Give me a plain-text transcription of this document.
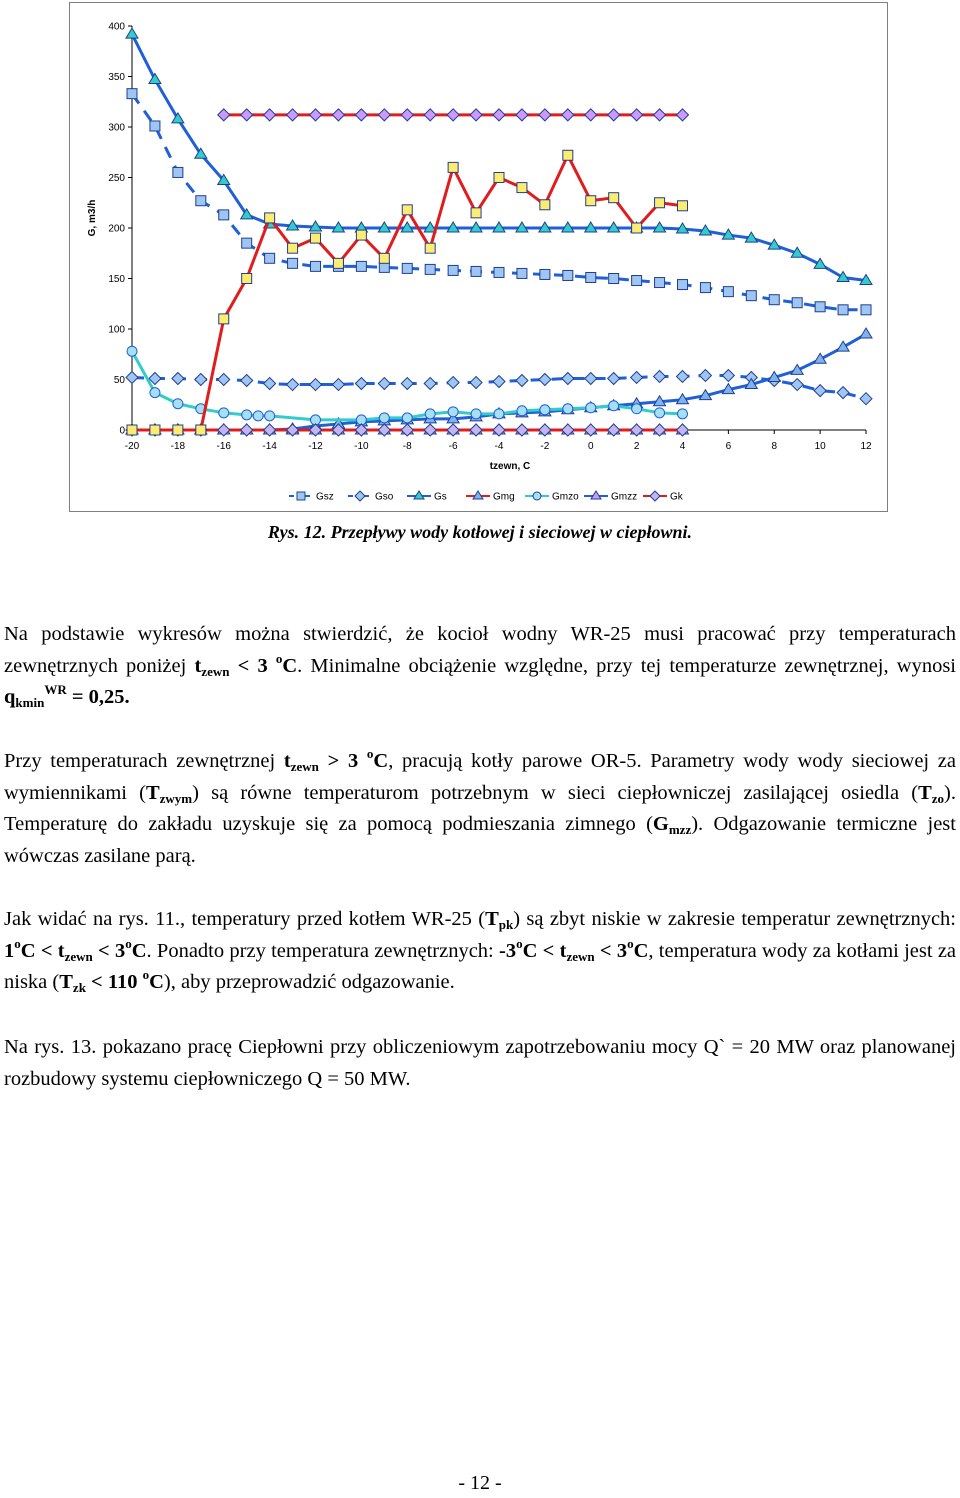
0
50
100
150
200
250
300
350
400
-20	-18	-16	-14	-12	-10	-8	-6	-4	-2	0	2	4	6	8	10	12
tzewn, C
G, m3/h
Gsz	Gso	Gs	Gmg	Gmzo	Gmzz	Gk
Rys. 12. Przepływy wody kotłowej i sieciowej w ciepłowni.

Na podstawie wykresów można stwierdzić, że kocioł wodny WR-25 musi pracować przy temperaturach zewnętrznych poniżej $t_{zewn} < 3$ $^o$C. Minimalne obciążenie względne, przy tej temperaturze zewnętrznej, wynosi $q_{kmin}^{WR} = 0,25$.

Przy temperaturach zewnętrznej $t_{zewn} > 3$ $^o$C, pracują kotły parowe OR-5. Parametry wody wody sieciowej za wymiennikami $(T_{zwym})$ są równe temperaturom potrzebnym w sieci ciepłowniczej zasilającej osiedla $(T_{zo})$. Temperaturę do zakładu uzyskuje się za pomocą podmieszania zimnego $(G_{mzz})$. Odgazowanie termiczne jest wówczas zasilane parą.

Jak widać na rys. 11., temperatury przed kotłem WR-25 $(T_{pk})$ są zbyt niskie w zakresie temperatur zewnętrznych: $1^oC < t_{zewn} < 3^oC$. Ponadto przy temperatura zewnętrznych: $-3^oC < t_{zewn} < 3^oC$, temperatura wody za kotłami jest za niska ($T_{zk} < 110$ $^o$C), aby przeprowadzić odgazowanie.

Na rys. 13. pokazano pracę Ciepłowni przy obliczeniowym zapotrzebowaniu mocy Q` = 20 MW oraz planowanej rozbudowy systemu ciepłowniczego Q = 50 MW.

- 12 -
